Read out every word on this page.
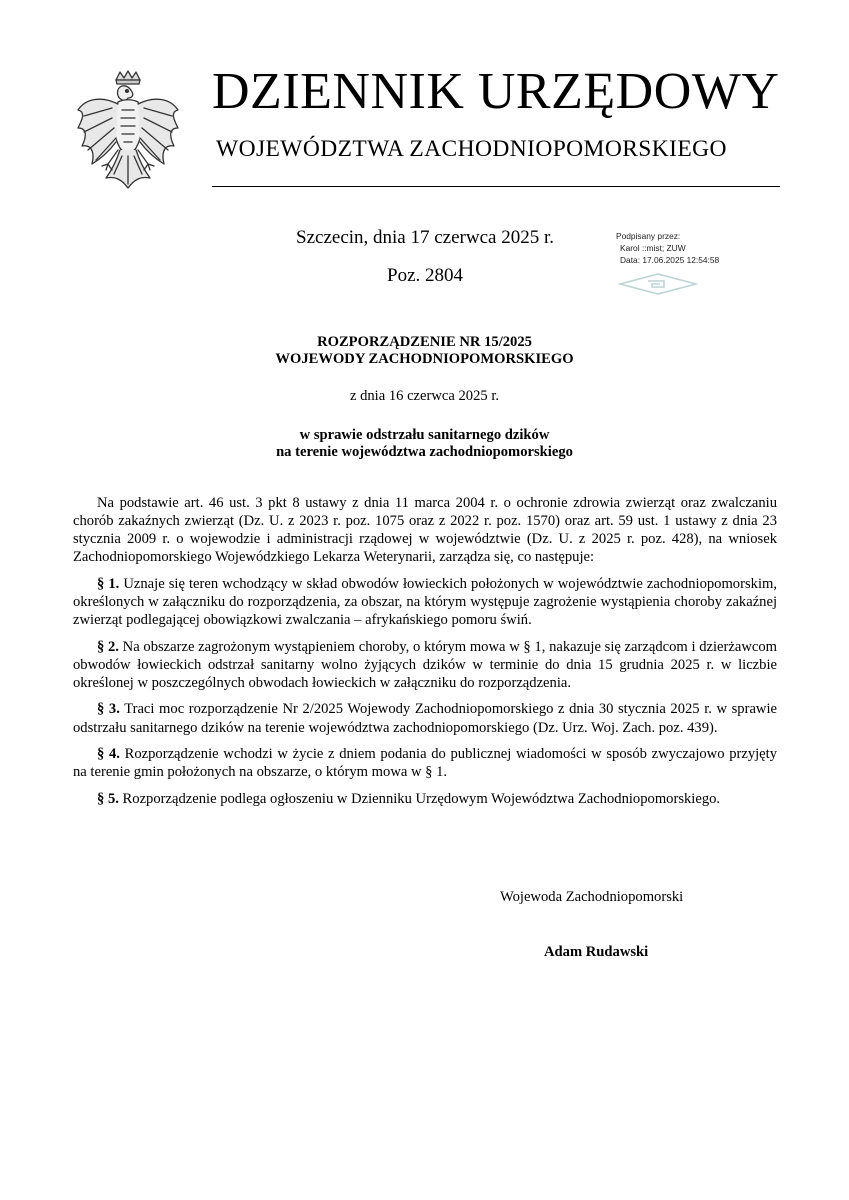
DZIENNIK URZĘDOWY
WOJEWÓDZTWA ZACHODNIOPOMORSKIEGO
Szczecin, dnia 17 czerwca 2025 r.
Poz. 2804
Podpisany przez:
Karol ::mist; ZUW
Data: 17.06.2025 12:54:58
ROZPORZĄDZENIE NR 15/2025
WOJEWODY ZACHODNIOPOMORSKIEGO
z dnia 16 czerwca 2025 r.
w sprawie odstrzału sanitarnego dzików
na terenie województwa zachodniopomorskiego

Na podstawie art. 46 ust. 3 pkt 8 ustawy z dnia 11 marca 2004 r. o ochronie zdrowia zwierząt oraz zwalczaniu chorób zakaźnych zwierząt (Dz. U. z 2023 r. poz. 1075 oraz z 2022 r. poz. 1570) oraz art. 59 ust. 1 ustawy z dnia 23 stycznia 2009 r. o wojewodzie i administracji rządowej w województwie (Dz. U. z 2025 r. poz. 428), na wniosek Zachodniopomorskiego Wojewódzkiego Lekarza Weterynarii, zarządza się, co następuje:

§ 1. Uznaje się teren wchodzący w skład obwodów łowieckich położonych w województwie zachodniopomorskim, określonych w załączniku do rozporządzenia, za obszar, na którym występuje zagrożenie wystąpienia choroby zakaźnej zwierząt podlegającej obowiązkowi zwalczania – afrykańskiego pomoru świń.

§ 2. Na obszarze zagrożonym wystąpieniem choroby, o którym mowa w § 1, nakazuje się zarządcom i dzierżawcom obwodów łowieckich odstrzał sanitarny wolno żyjących dzików w terminie do dnia 15 grudnia 2025 r. w liczbie określonej w poszczególnych obwodach łowieckich w załączniku do rozporządzenia.

§ 3. Traci moc rozporządzenie Nr 2/2025 Wojewody Zachodniopomorskiego z dnia 30 stycznia 2025 r. w sprawie odstrzału sanitarnego dzików na terenie województwa zachodniopomorskiego (Dz. Urz. Woj. Zach. poz. 439).

§ 4. Rozporządzenie wchodzi w życie z dniem podania do publicznej wiadomości w sposób zwyczajowo przyjęty na terenie gmin położonych na obszarze, o którym mowa w § 1.

§ 5. Rozporządzenie podlega ogłoszeniu w Dzienniku Urzędowym Województwa Zachodniopomorskiego.

Wojewoda Zachodniopomorski
Adam Rudawski
